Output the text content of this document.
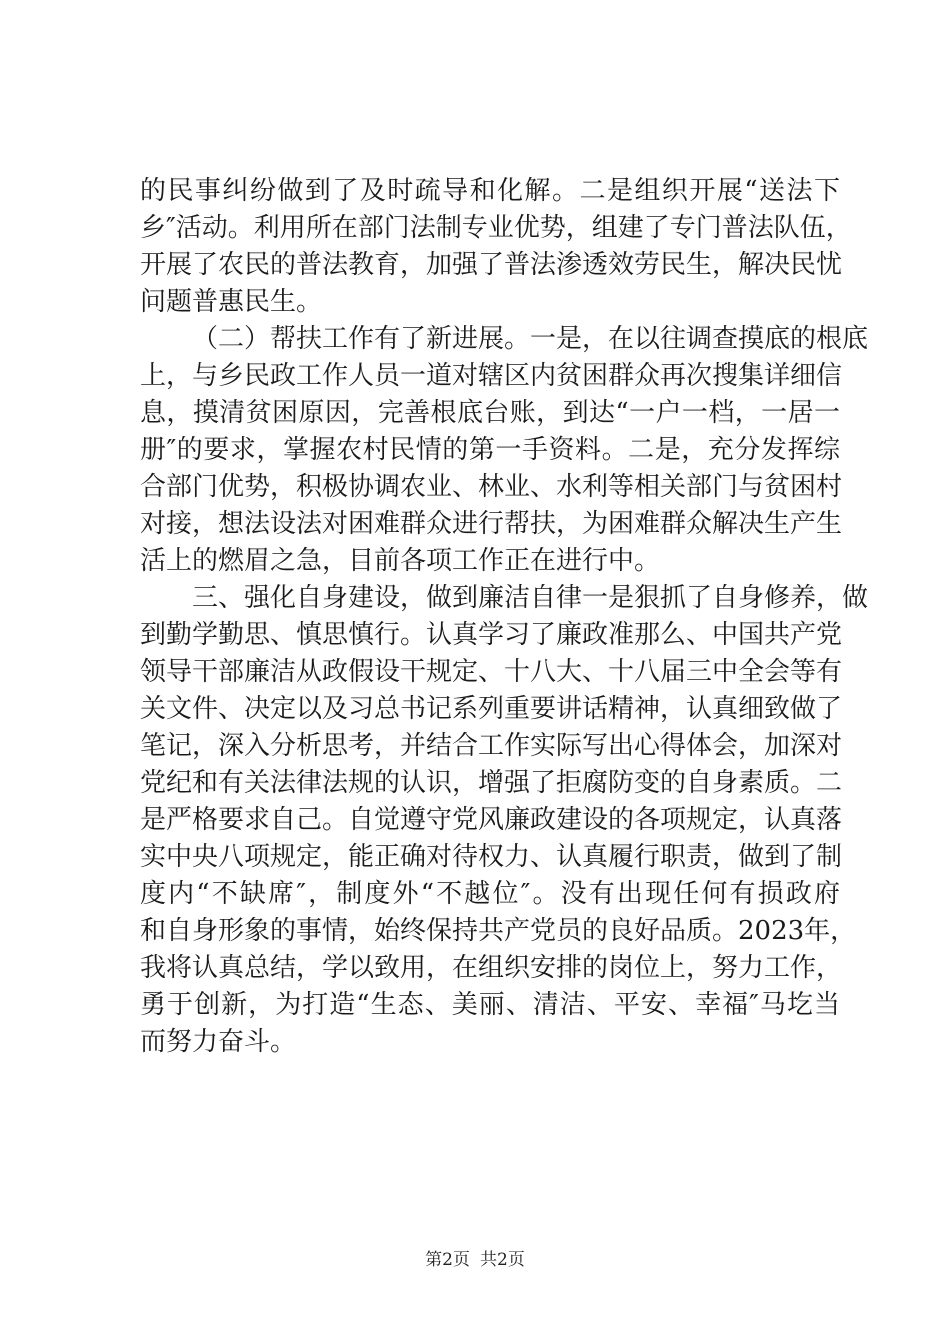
的民事纠纷做到了及时疏导和化解。二是组织开展“送法下
乡″活动。利用所在部门法制专业优势，组建了专门普法队伍，
开展了农民的普法教育，加强了普法渗透效劳民生，解决民忧
问题普惠民生。
（二）帮扶工作有了新进展。一是，在以往调查摸底的根底
上，与乡民政工作人员一道对辖区内贫困群众再次搜集详细信
息，摸清贫困原因，完善根底台账，到达“一户一档，一居一
册″的要求，掌握农村民情的第一手资料。二是，充分发挥综
合部门优势，积极协调农业、林业、水利等相关部门与贫困村
对接，想法设法对困难群众进行帮扶，为困难群众解决生产生
活上的燃眉之急，目前各项工作正在进行中。
三、强化自身建设，做到廉洁自律一是狠抓了自身修养，做
到勤学勤思、慎思慎行。认真学习了廉政准那么、中国共产党
领导干部廉洁从政假设干规定、十八大、十八届三中全会等有
关文件、决定以及习总书记系列重要讲话精神，认真细致做了
笔记，深入分析思考，并结合工作实际写出心得体会，加深对
党纪和有关法律法规的认识，增强了拒腐防变的自身素质。二
是严格要求自己。自觉遵守党风廉政建设的各项规定，认真落
实中央八项规定，能正确对待权力、认真履行职责，做到了制
度内“不缺席″，制度外“不越位″。没有出现任何有损政府
和自身形象的事情，始终保持共产党员的良好品质。2023年，
我将认真总结，学以致用，在组织安排的岗位上，努力工作，
勇于创新，为打造“生态、美丽、清洁、平安、幸福″马圪当
而努力奋斗。
第2页 共2页
